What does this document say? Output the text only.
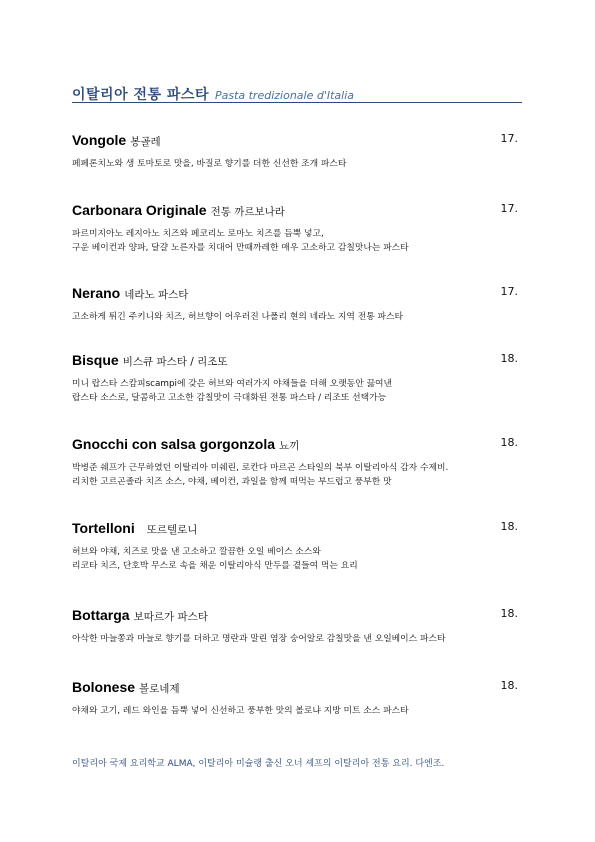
이탈리아 전통 파스타 Pasta tredizionale d'Italia
Vongole 봉골레	17.
페페론치노와 생 토마토로 맛을, 바질로 향기를 더한 신선한 조개 파스타
Carbonara Originale 전통 까르보나라	17.
파르미지아노 레지아노 치즈와 페코리노 로마노 치즈를 듬뿍 넣고,
구운 베이컨과 양파, 달걀 노른자를 치대어 만때까레한 매우 고소하고 감칠맛나는 파스타
Nerano 네라노 파스타	17.
고소하게 튀긴 주키니와 치즈, 허브향이 어우러진 나폴리 현의 네라노 지역 전통 파스타
Bisque 비스큐 파스타 / 리조또	18.
미니 랍스타 스캄피scampi에 갖은 허브와 여러가지 야채들을 더해 오랫동안 끓여낸
랍스타 소스로, 달콤하고 고소한 감칠맛이 극대화된 전통 파스타 / 리조또 선택가능
Gnocchi con salsa gorgonzola 뇨끼	18.
박병준 쉐프가 근무하였던 이탈리아 미쉐린, 로칸다 마르곤 스타일의 북부 이탈리아식 감자 수제비.
리치한 고르곤졸라 치즈 소스, 야채, 베이컨, 과일을 함께 떠먹는 부드럽고 풍부한 맛
Tortelloni 또르텔로니	18.
허브와 야채, 치즈로 맛을 낸 고소하고 깔끔한 오일 베이스 소스와
리코타 치즈, 단호박 무스로 속을 채운 이탈리아식 만두를 곁들여 먹는 요리
Bottarga 보따르가 파스타	18.
아삭한 마늘쫑과 마늘로 향기를 더하고 명란과 말린 염장 숭어알로 감칠맛을 낸 오일베이스 파스타
Bolonese 볼로네제	18.
야채와 고기, 레드 와인을 듬뿍 넣어 신선하고 풍부한 맛의 볼로냐 지방 미트 소스 파스타
이탈리아 국제 요리학교 ALMA, 이탈리아 미슐랭 출신 오너 셰프의 이탈리아 전통 요리. 다엔조.
